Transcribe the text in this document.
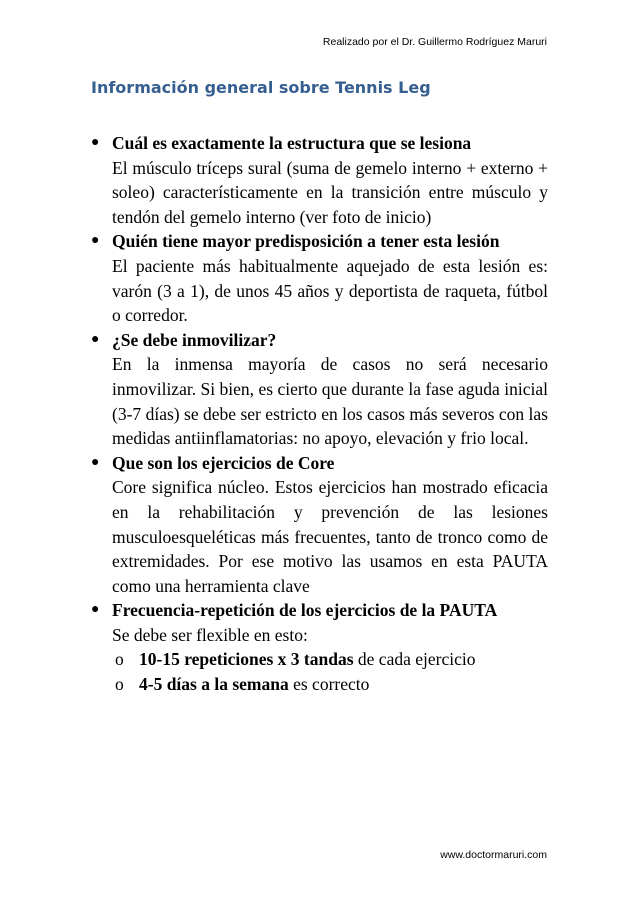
Realizado por el Dr. Guillermo Rodríguez Maruri
Información general sobre Tennis Leg
● Cuál es exactamente la estructura que se lesiona
El músculo tríceps sural (suma de gemelo interno + externo + soleo) característicamente en la transición entre músculo y tendón del gemelo interno (ver foto de inicio)
● Quién tiene mayor predisposición a tener esta lesión
El paciente más habitualmente aquejado de esta lesión es: varón (3 a 1), de unos 45 años y deportista de raqueta, fútbol o corredor.
● ¿Se debe inmovilizar?
En la inmensa mayoría de casos no será necesario inmovilizar. Si bien, es cierto que durante la fase aguda inicial (3-7 días) se debe ser estricto en los casos más severos con las medidas antiinflamatorias: no apoyo, elevación y frio local.
● Que son los ejercicios de Core
Core significa núcleo. Estos ejercicios han mostrado eficacia en la rehabilitación y prevención de las lesiones musculoesqueléticas más frecuentes, tanto de tronco como de extremidades. Por ese motivo las usamos en esta PAUTA como una herramienta clave
● Frecuencia-repetición de los ejercicios de la PAUTA
Se debe ser flexible en esto:
o 10-15 repeticiones x 3 tandas de cada ejercicio
o 4-5 días a la semana es correcto
www.doctormaruri.com
